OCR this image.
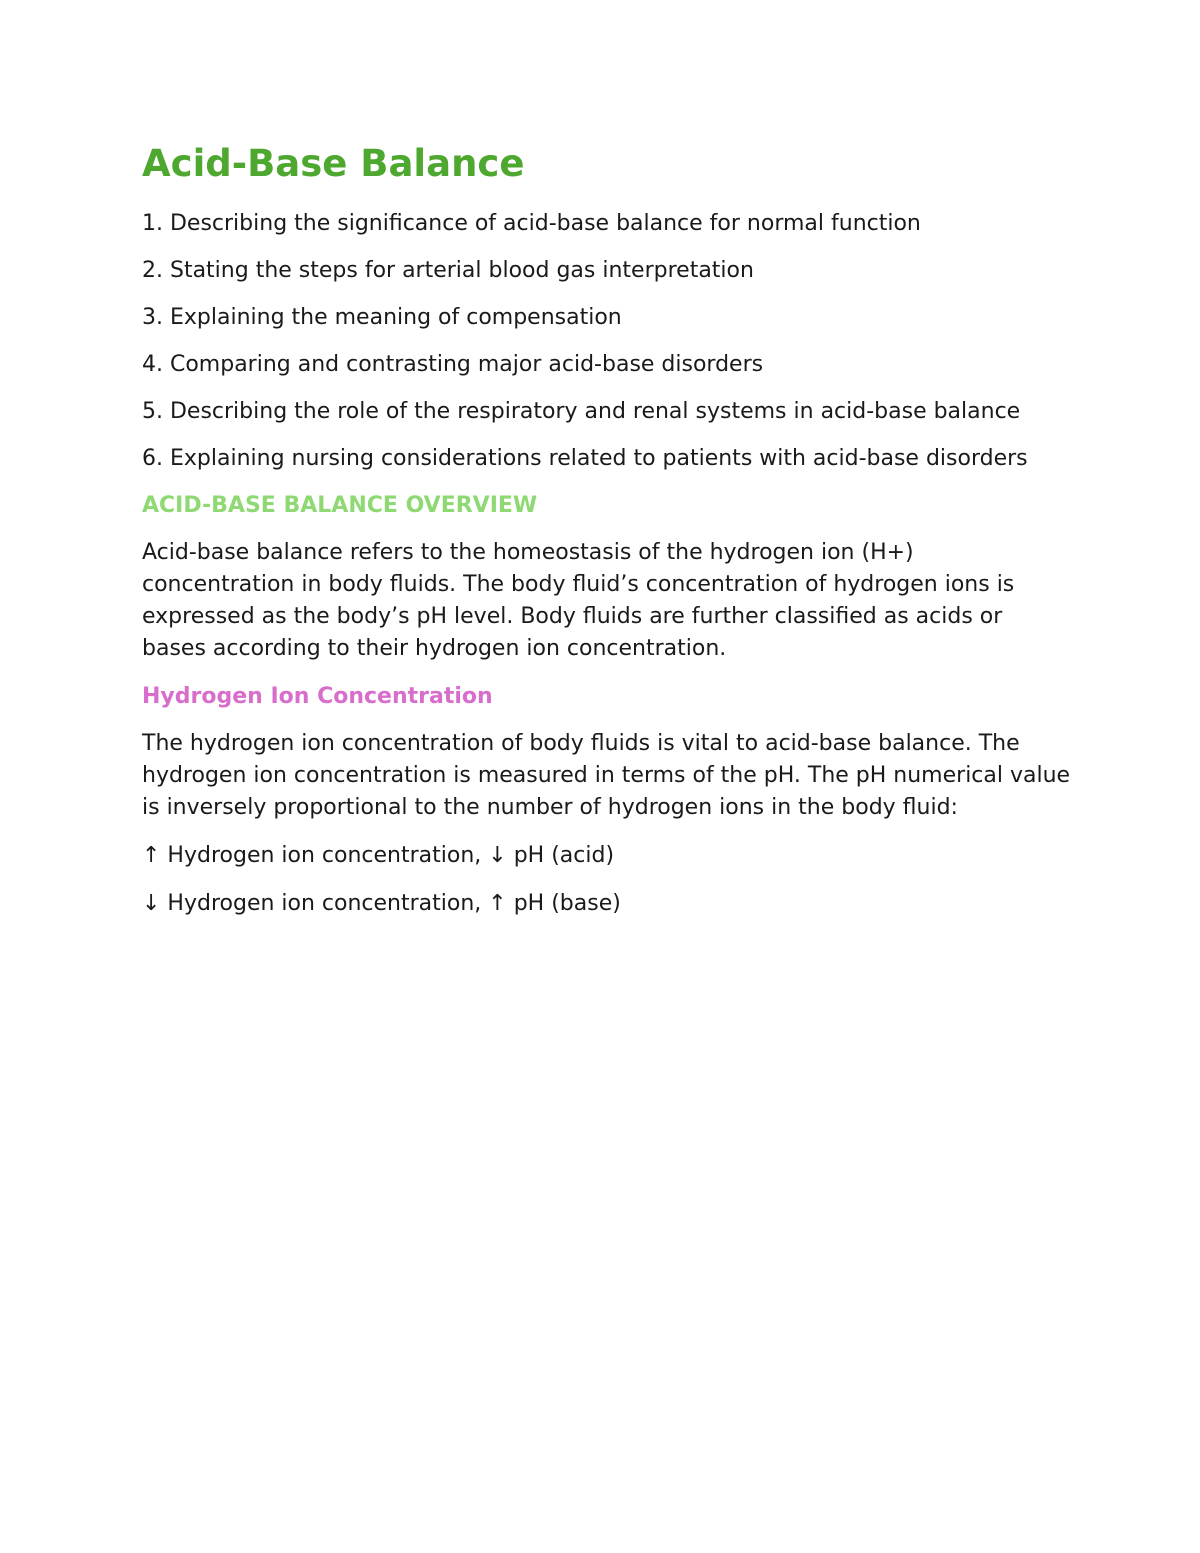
Acid-Base Balance
1. Describing the significance of acid-base balance for normal function
2. Stating the steps for arterial blood gas interpretation
3. Explaining the meaning of compensation
4. Comparing and contrasting major acid-base disorders
5. Describing the role of the respiratory and renal systems in acid-base balance
6. Explaining nursing considerations related to patients with acid-base disorders
ACID-BASE BALANCE OVERVIEW

Acid-base balance refers to the homeostasis of the hydrogen ion (H+) concentration in body fluids. The body fluid’s concentration of hydrogen ions is expressed as the body’s pH level. Body fluids are further classified as acids or bases according to their hydrogen ion concentration.

Hydrogen Ion Concentration

The hydrogen ion concentration of body fluids is vital to acid-base balance. The hydrogen ion concentration is measured in terms of the pH. The pH numerical value is inversely proportional to the number of hydrogen ions in the body fluid:

↑ Hydrogen ion concentration, ↓ pH (acid)

↓ Hydrogen ion concentration, ↑ pH (base)
